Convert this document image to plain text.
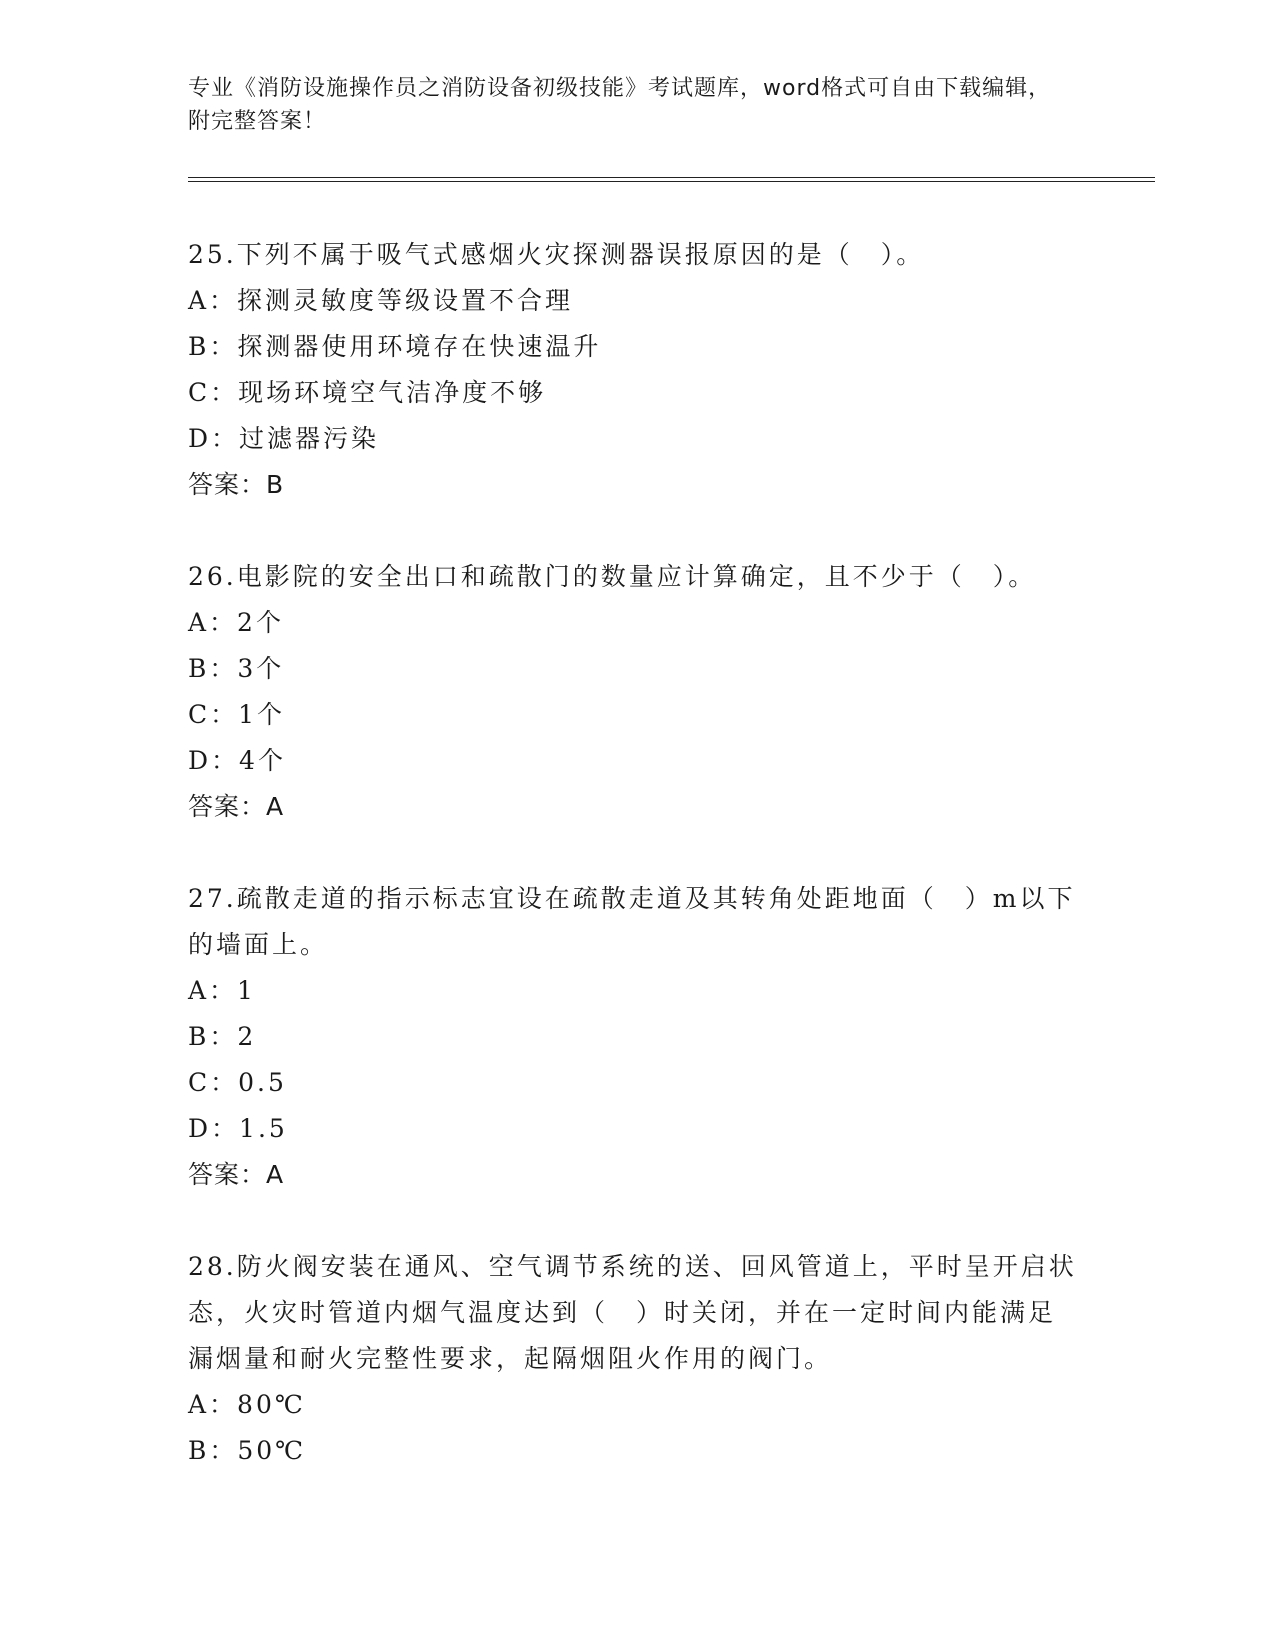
专业《消防设施操作员之消防设备初级技能》考试题库，word格式可自由下载编辑，附完整答案！

25.下列不属于吸气式感烟火灾探测器误报原因的是（　）。

A：探测灵敏度等级设置不合理

B：探测器使用环境存在快速温升

C：现场环境空气洁净度不够

D：过滤器污染

答案：B

26.电影院的安全出口和疏散门的数量应计算确定，且不少于（　）。

A：2个

B：3个

C：1个

D：4个

答案：A

27.疏散走道的指示标志宜设在疏散走道及其转角处距地面（　）m以下的墙面上。

A：1

B：2

C：0.5

D：1.5

答案：A

28.防火阀安装在通风、空气调节系统的送、回风管道上，平时呈开启状态，火灾时管道内烟气温度达到（　）时关闭，并在一定时间内能满足漏烟量和耐火完整性要求，起隔烟阻火作用的阀门。

A：80℃

B：50℃
